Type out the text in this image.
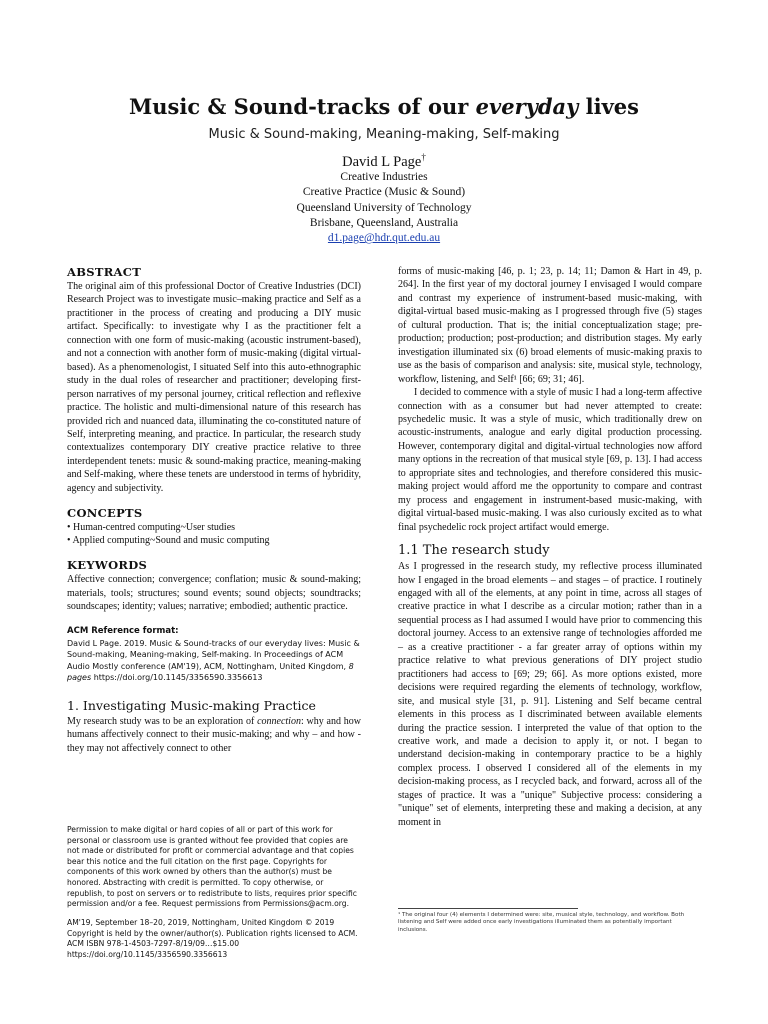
Music & Sound-tracks of our everyday lives
Music & Sound-making, Meaning-making, Self-making
David L Page†
Creative Industries
Creative Practice (Music & Sound)
Queensland University of Technology
Brisbane, Queensland, Australia
d1.page@hdr.qut.edu.au
ABSTRACT

The original aim of this professional Doctor of Creative Industries (DCI) Research Project was to investigate music–making practice and Self as a practitioner in the process of creating and producing a DIY music artifact. Specifically: to investigate why I as the practitioner felt a connection with one form of music-making (acoustic instrument-based), and not a connection with another form of music-making (digital virtual-based). As a phenomenologist, I situated Self into this auto-ethnographic study in the dual roles of researcher and practitioner; developing first-person narratives of my personal journey, critical reflection and reflexive practice. The holistic and multi-dimensional nature of this research has provided rich and nuanced data, illuminating the co-constituted nature of Self, interpreting meaning, and practice. In particular, the research study contextualizes contemporary DIY creative practice relative to three interdependent tenets: music & sound-making practice, meaning-making and Self-making, where these tenets are understood in terms of hybridity, agency and subjectivity.

CONCEPTS
• Human-centred computing~User studies
• Applied computing~Sound and music computing
KEYWORDS

Affective connection; convergence; conflation; music & sound-making; materials, tools; structures; sound events; sound objects; soundtracks; soundscapes; identity; values; narrative; embodied; authentic practice.

ACM Reference format:
David L Page. 2019. Music & Sound-tracks of our everyday lives: Music & Sound-making, Meaning-making, Self-making. In Proceedings of ACM Audio Mostly conference (AM'19), ACM, Nottingham, United Kingdom, 8 pages https://doi.org/10.1145/3356590.3356613
1. Investigating Music-making Practice

My research study was to be an exploration of connection: why and how humans affectively connect to their music-making; and why – and how - they may not affectively connect to other

Permission to make digital or hard copies of all or part of this work for personal or classroom use is granted without fee provided that copies are not made or distributed for profit or commercial advantage and that copies bear this notice and the full citation on the first page. Copyrights for components of this work owned by others than the author(s) must be honored. Abstracting with credit is permitted. To copy otherwise, or republish, to post on servers or to redistribute to lists, requires prior specific permission and/or a fee. Request permissions from Permissions@acm.org.
AM'19, September 18–20, 2019, Nottingham, United Kingdom © 2019 Copyright is held by the owner/author(s). Publication rights licensed to ACM. ACM ISBN 978-1-4503-7297-8/19/09…$15.00 https://doi.org/10.1145/3356590.3356613

forms of music-making [46, p. 1; 23, p. 14; 11; Damon & Hart in 49, p. 264]. In the first year of my doctoral journey I envisaged I would compare and contrast my experience of instrument-based music-making, with digital-virtual based music-making as I progressed through five (5) stages of cultural production. That is; the initial conceptualization stage; pre-production; production; post-production; and distribution stages. My early investigation illuminated six (6) broad elements of music-making praxis to use as the basis of comparison and analysis: site, musical style, technology, workflow, listening, and Self¹ [66; 69; 31; 46].

I decided to commence with a style of music I had a long-term affective connection with as a consumer but had never attempted to create: psychedelic music. It was a style of music, which traditionally drew on acoustic-instruments, analogue and early digital production processing. However, contemporary digital and digital-virtual technologies now afford many options in the recreation of that musical style [69, p. 13]. I had access to appropriate sites and technologies, and therefore considered this music-making project would afford me the opportunity to compare and contrast my process and engagement in instrument-based music-making, with digital virtual-based music-making. I was also curiously excited as to what final psychedelic rock project artifact would emerge.

1.1 The research study

As I progressed in the research study, my reflective process illuminated how I engaged in the broad elements – and stages – of practice. I routinely engaged with all of the elements, at any point in time, across all stages of creative practice in what I describe as a circular motion; rather than in a sequential process as I had assumed I would have prior to commencing this doctoral journey. Access to an extensive range of technologies afforded me – as a creative practitioner - a far greater array of options within my practice relative to what previous generations of DIY project studio practitioners had access to [69; 29; 66]. As more options existed, more decisions were required regarding the elements of technology, workflow, site, and musical style [31, p. 91]. Listening and Self became central elements in this process as I discriminated between available elements during the practice session. I interpreted the value of that option to the creative work, and made a decision to apply it, or not. I began to understand decision-making in contemporary practice to be a highly complex process. I observed I considered all of the elements in my decision-making process, as I recycled back, and forward, across all of the stages of practice. It was a "unique" Subjective process: considering a "unique" set of elements, interpreting these and making a decision, at any moment in

¹ The original four (4) elements I determined were: site, musical style, technology, and workflow. Both listening and Self were added once early investigations illuminated them as potentially important inclusions.
